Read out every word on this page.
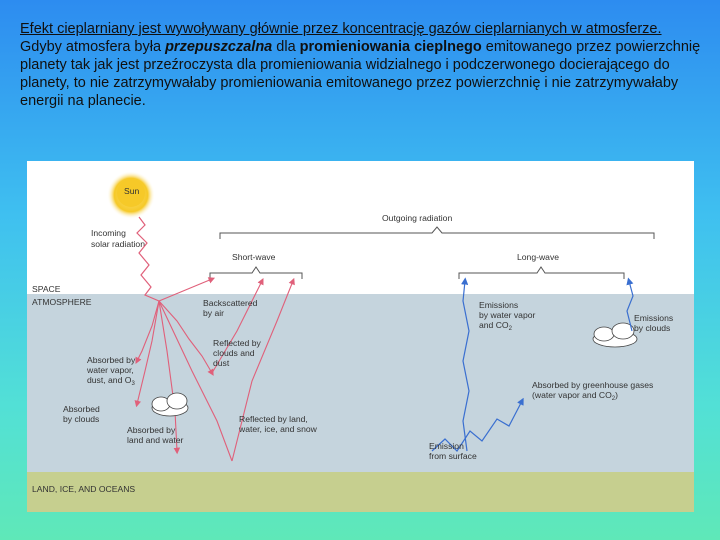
Efekt cieplarniany jest wywoływany głównie przez koncentrację gazów cieplarnianych w atmosferze.
Gdyby atmosfera była przepuszczalna dla promieniowania cieplnego emitowanego przez powierzchnię planety tak jak jest przeźroczysta dla promieniowania widzialnego i podczerwonego docierającego do planety, to nie zatrzymywałaby promieniowania emitowanego przez powierzchnię i nie zatrzymywałaby energii na planecie.
Sun
Incoming
solar radiation
Outgoing radiation
Short-wave	Long-wave
SPACE
ATMOSPHERE	Backscattered
by air
Reflected by
clouds and
dust
Absorbed by
water vapor,
dust, and $O_3$
Absorbed
by clouds
Absorbed by
land and water
Reflected by land,
water, ice, and snow
Emissions
by water vapor
and $CO_2$
Emissions
by clouds
Absorbed by greenhouse gases
(water vapor and $CO_2$)
Emission
from surface
LAND, ICE, AND OCEANS
